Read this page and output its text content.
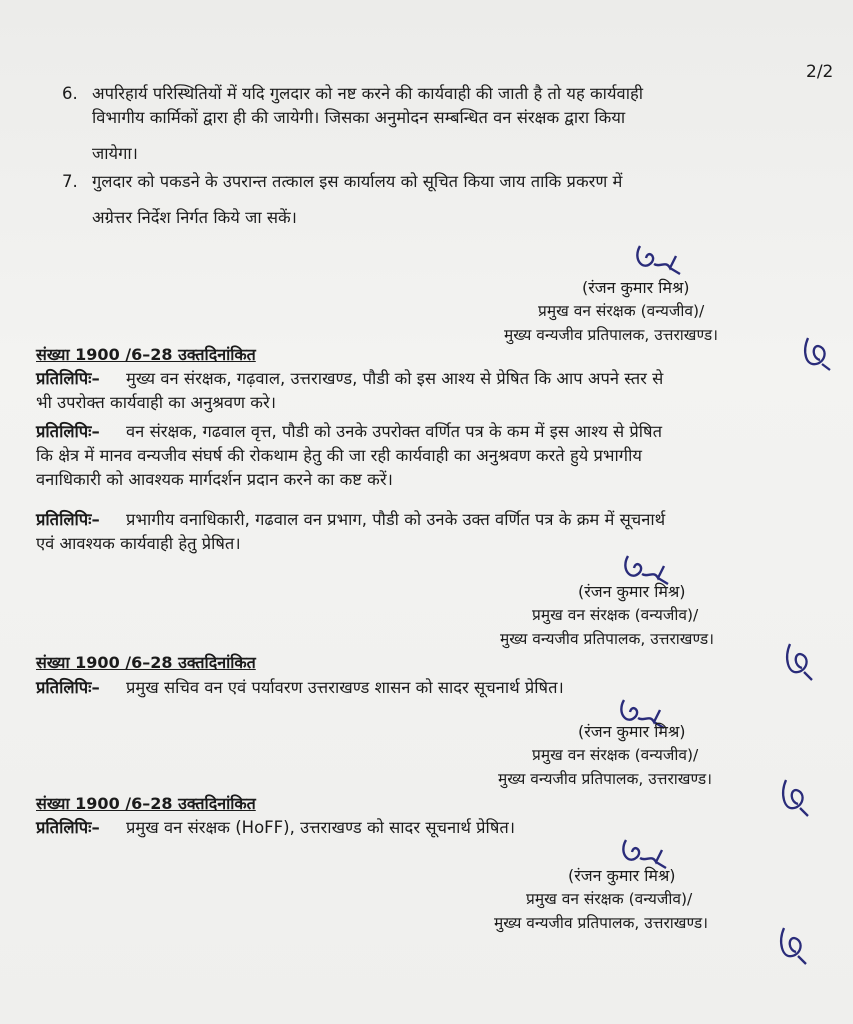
2/2
6. अपरिहार्य परिस्थितियों में यदि गुलदार को नष्ट करने की कार्यवाही की जाती है तो यह कार्यवाही
विभागीय कार्मिकों द्वारा ही की जायेगी। जिसका अनुमोदन सम्बन्धित वन संरक्षक द्वारा किया
जायेगा।
7. गुलदार को पकडने के उपरान्त तत्काल इस कार्यालय को सूचित किया जाय ताकि प्रकरण में
अग्रेत्तर निर्देश निर्गत किये जा सकें।
(रंजन कुमार मिश्र)
प्रमुख वन संरक्षक (वन्यजीव)/
मुख्य वन्यजीव प्रतिपालक, उत्तराखण्ड।
संख्या 1900 /6–28 उक्तदिनांकित
प्रतिलिपिः– मुख्य वन संरक्षक, गढ़वाल, उत्तराखण्ड, पौडी को इस आश्य से प्रेषित कि आप अपने स्तर से
भी उपरोक्त कार्यवाही का अनुश्रवण करे।
प्रतिलिपिः– वन संरक्षक, गढवाल वृत्त, पौडी को उनके उपरोक्त वर्णित पत्र के कम में इस आश्य से प्रेषित
कि क्षेत्र में मानव वन्यजीव संघर्ष की रोकथाम हेतु की जा रही कार्यवाही का अनुश्रवण करते हुये प्रभागीय
वनाधिकारी को आवश्यक मार्गदर्शन प्रदान करने का कष्ट करें।
प्रतिलिपिः– प्रभागीय वनाधिकारी, गढवाल वन प्रभाग, पौडी को उनके उक्त वर्णित पत्र के क्रम में सूचनार्थ
एवं आवश्यक कार्यवाही हेतु प्रेषित।
(रंजन कुमार मिश्र)
प्रमुख वन संरक्षक (वन्यजीव)/
मुख्य वन्यजीव प्रतिपालक, उत्तराखण्ड।
संख्या 1900 /6–28 उक्तदिनांकित
प्रतिलिपिः– प्रमुख सचिव वन एवं पर्यावरण उत्तराखण्ड शासन को सादर सूचनार्थ प्रेषित।
(रंजन कुमार मिश्र)
प्रमुख वन संरक्षक (वन्यजीव)/
मुख्य वन्यजीव प्रतिपालक, उत्तराखण्ड।
संख्या 1900 /6–28 उक्तदिनांकित
प्रतिलिपिः– प्रमुख वन संरक्षक (HoFF), उत्तराखण्ड को सादर सूचनार्थ प्रेषित।
(रंजन कुमार मिश्र)
प्रमुख वन संरक्षक (वन्यजीव)/
मुख्य वन्यजीव प्रतिपालक, उत्तराखण्ड।
